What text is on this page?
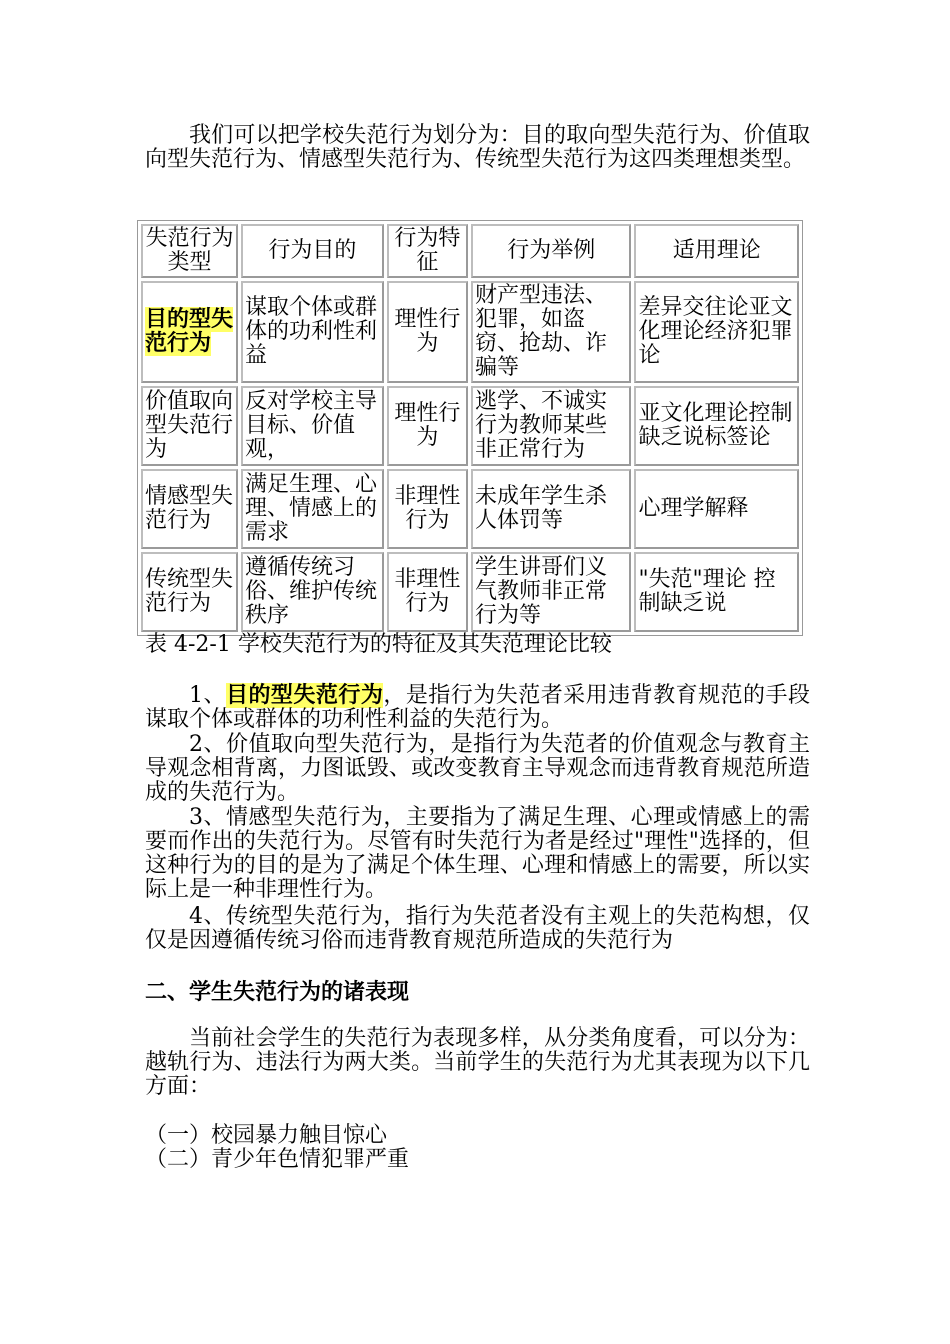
我们可以把学校失范行为划分为：目的取向型失范行为、价值取向型失范行为、情感型失范行为、传统型失范行为这四类理想类型。

失范行为类型	行为目的	行为特征	行为举例	适用理论
目的型失范行为	谋取个体或群体的功利性利益	理性行为	财产型违法、犯罪，如盗窃、抢劫、诈骗等	差异交往论亚文化理论经济犯罪论
价值取向型失范行为	反对学校主导目标、价值观，	理性行为	逃学、不诚实行为教师某些非正常行为	亚文化理论控制缺乏说标签论
情感型失范行为	满足生理、心理、情感上的需求	非理性行为	未成年学生杀人体罚等	心理学解释
传统型失范行为	遵循传统习俗、维护传统秩序	非理性行为	学生讲哥们义气教师非正常行为等	"失范"理论 控制缺乏说
表 4-2-1 学校失范行为的特征及其失范理论比较

1、目的型失范行为，是指行为失范者采用违背教育规范的手段谋取个体或群体的功利性利益的失范行为。

2、价值取向型失范行为，是指行为失范者的价值观念与教育主导观念相背离，力图诋毁、或改变教育主导观念而违背教育规范所造成的失范行为。

3、情感型失范行为，主要指为了满足生理、心理或情感上的需要而作出的失范行为。尽管有时失范行为者是经过"理性"选择的，但这种行为的目的是为了满足个体生理、心理和情感上的需要，所以实际上是一种非理性行为。

4、传统型失范行为，指行为失范者没有主观上的失范构想，仅仅是因遵循传统习俗而违背教育规范所造成的失范行为

二、学生失范行为的诸表现

当前社会学生的失范行为表现多样，从分类角度看，可以分为：越轨行为、违法行为两大类。当前学生的失范行为尤其表现为以下几方面：

（一）校园暴力触目惊心
（二）青少年色情犯罪严重
